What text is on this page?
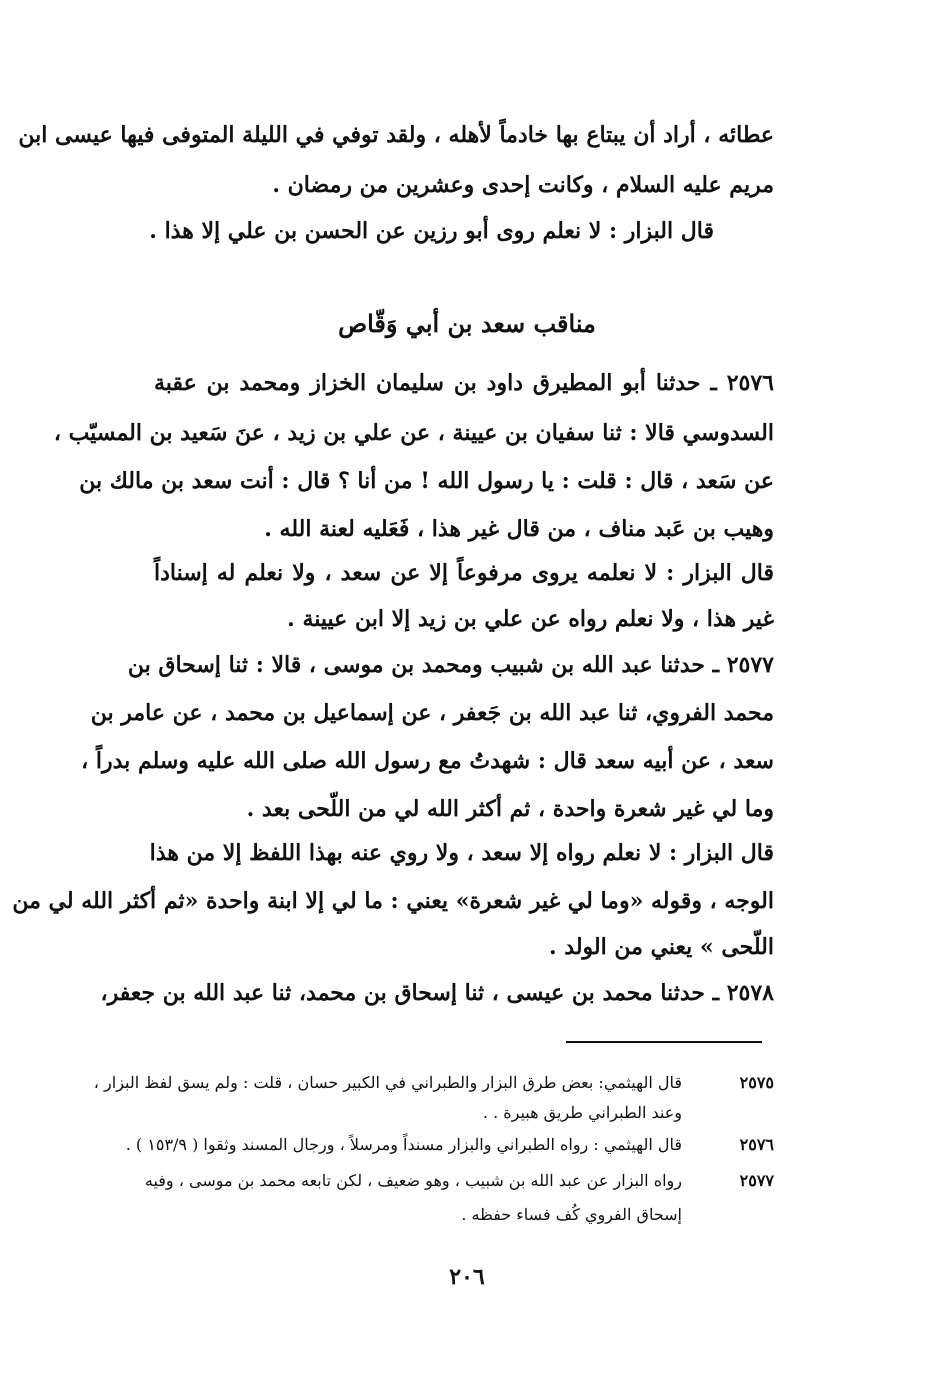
عطائه ، أراد أن يبتاع بها خادماً لأهله ، ولقد توفي في الليلة المتوفى فيها عيسى ابن
مريم عليه السلام ، وكانت إحدى وعشرين من رمضان .
قال البزار : لا نعلم روى أبو رزين عن الحسن بن علي إلا هذا .
مناقب سعد بن أبي وَقّاص
٢٥٧٦ ـ حدثنا أبو المطيرق داود بن سليمان الخزاز ومحمد بن عقبة
السدوسي قالا : ثنا سفيان بن عيينة ، عن علي بن زيد ، عنَ سَعيد بن المسيّب ،
عن سَعد ، قال : قلت : يا رسول الله ! من أنا ؟ قال : أنت سعد بن مالك بن
وهيب بن عَبد مناف ، من قال غير هذا ، فَعَليه لعنة الله .
قال البزار : لا نعلمه يروى مرفوعاً إلا عن سعد ، ولا نعلم له إسناداً
غير هذا ، ولا نعلم رواه عن علي بن زيد إلا ابن عيينة .
٢٥٧٧ ـ حدثنا عبد الله بن شبيب ومحمد بن موسى ، قالا : ثنا إسحاق بن
محمد الفروي، ثنا عبد الله بن جَعفر ، عن إسماعيل بن محمد ، عن عامر بن
سعد ، عن أبيه سعد قال : شهدتُ مع رسول الله صلى الله عليه وسلم بدراً ،
وما لي غير شعرة واحدة ، ثم أكثر الله لي من اللّحى بعد .
قال البزار : لا نعلم رواه إلا سعد ، ولا روي عنه بهذا اللفظ إلا من هذا
الوجه ، وقوله «وما لي غير شعرة» يعني : ما لي إلا ابنة واحدة «ثم أكثر الله لي من
اللّحى » يعني من الولد .
٢٥٧٨ ـ حدثنا محمد بن عيسى ، ثنا إسحاق بن محمد، ثنا عبد الله بن جعفر،
٢٥٧٥
قال الهيثمي: بعض طرق البزار والطبراني في الكبير حسان ، قلت : ولم يسق لفظ البزار ،
وعند الطبراني طريق هبيرة . .
٢٥٧٦
قال الهيثمي : رواه الطبراني والبزار مسنداً ومرسلاً ، ورجال المسند وثقوا ( ١٥٣/٩ ) .
٢٥٧٧
رواه البزار عن عبد الله بن شبيب ، وهو ضعيف ، لكن تابعه محمد بن موسى ، وفيه
إسحاق الفروي كُف فساء حفظه .
٢٠٦
